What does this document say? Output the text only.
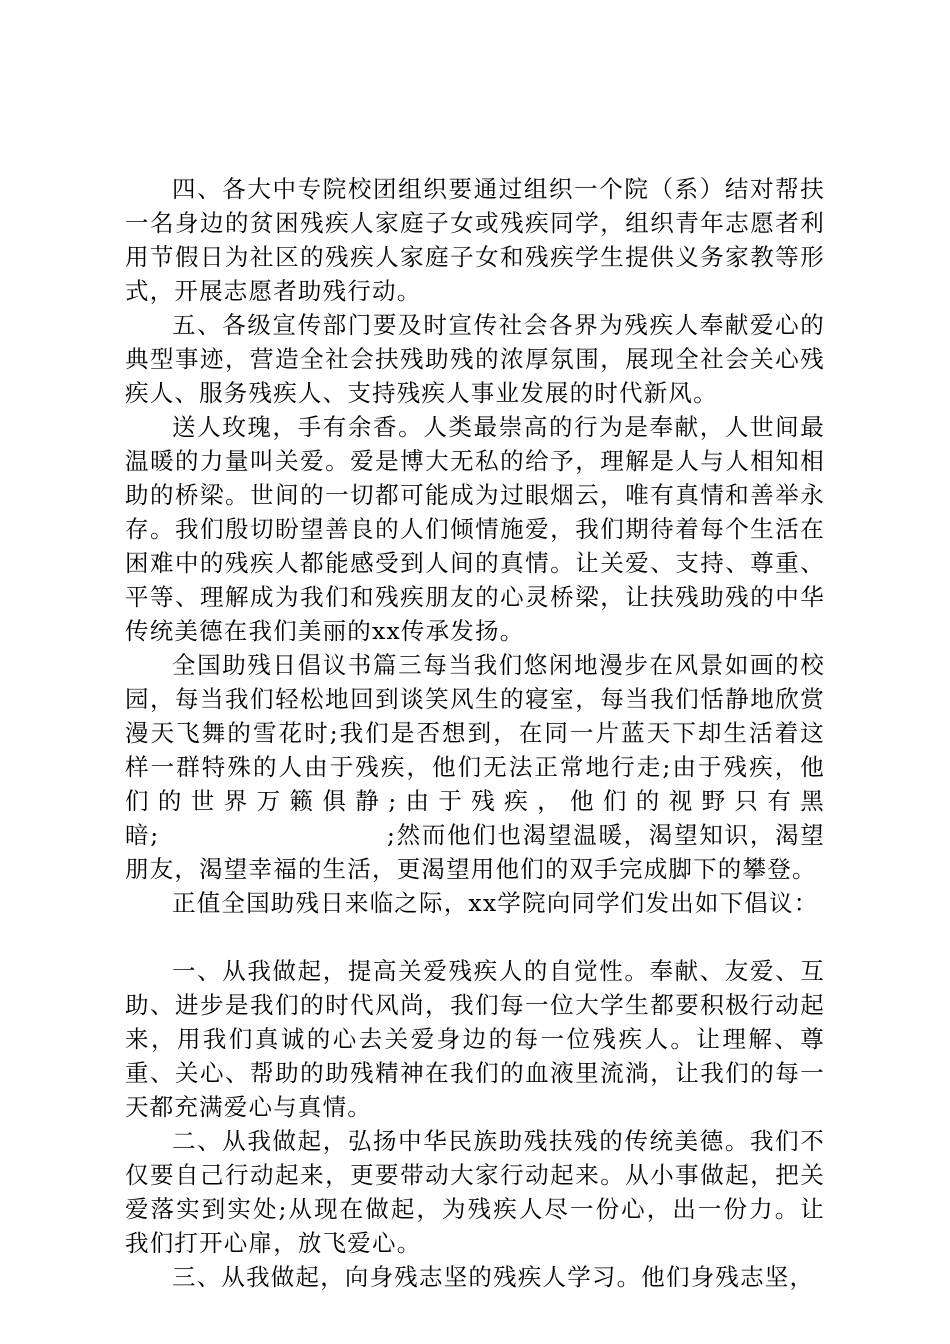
四、各大中专院校团组织要通过组织一个院（系）结对帮扶一名身边的贫困残疾人家庭子女或残疾同学，组织青年志愿者利用节假日为社区的残疾人家庭子女和残疾学生提供义务家教等形式，开展志愿者助残行动。

五、各级宣传部门要及时宣传社会各界为残疾人奉献爱心的典型事迹，营造全社会扶残助残的浓厚氛围，展现全社会关心残疾人、服务残疾人、支持残疾人事业发展的时代新风。

送人玫瑰，手有余香。人类最崇高的行为是奉献，人世间最温暖的力量叫关爱。爱是博大无私的给予，理解是人与人相知相助的桥梁。世间的一切都可能成为过眼烟云，唯有真情和善举永存。我们殷切盼望善良的人们倾情施爱，我们期待着每个生活在困难中的残疾人都能感受到人间的真情。让关爱、支持、尊重、平等、理解成为我们和残疾朋友的心灵桥梁，让扶残助残的中华传统美德在我们美丽的xx传承发扬。

全国助残日倡议书篇三每当我们悠闲地漫步在风景如画的校园，每当我们轻松地回到谈笑风生的寝室，每当我们恬静地欣赏漫天飞舞的雪花时;我们是否想到，在同一片蓝天下却生活着这样一群特殊的人由于残疾，他们无法正常地行走;由于残疾，他们的世界万籁俱静;由于残疾，他们的视野只有黑暗;　　　　　　　　　;然而他们也渴望温暖，渴望知识，渴望朋友，渴望幸福的生活，更渴望用他们的双手完成脚下的攀登。

正值全国助残日来临之际，xx学院向同学们发出如下倡议：

一、从我做起，提高关爱残疾人的自觉性。奉献、友爱、互助、进步是我们的时代风尚，我们每一位大学生都要积极行动起来，用我们真诚的心去关爱身边的每一位残疾人。让理解、尊重、关心、帮助的助残精神在我们的血液里流淌，让我们的每一天都充满爱心与真情。

二、从我做起，弘扬中华民族助残扶残的传统美德。我们不仅要自己行动起来，更要带动大家行动起来。从小事做起，把关爱落实到实处;从现在做起，为残疾人尽一份心，出一份力。让我们打开心扉，放飞爱心。

三、从我做起，向身残志坚的残疾人学习。他们身残志坚，
